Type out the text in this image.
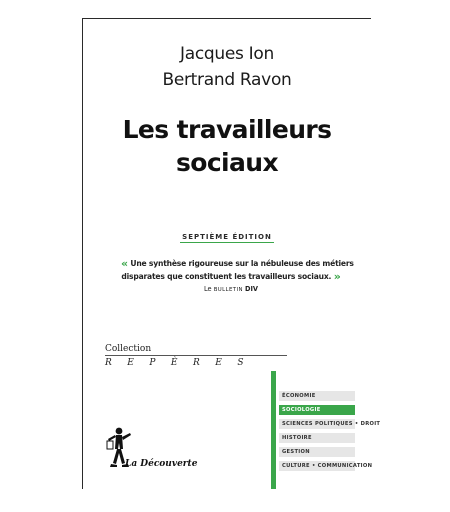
Jacques Ion
Bertrand Ravon
Les travailleurs
sociaux
SEPTIÈME ÉDITION
« Une synthèse rigoureuse sur la nébuleuse des métiers
disparates que constituent les travailleurs sociaux. »
Le BULLETIN DIV
Collection
REPÈRES
ÉCONOMIE
SOCIOLOGIE
SCIENCES POLITIQUES • DROIT
HISTOIRE
GESTION
CULTURE • COMMUNICATION
La Découverte
